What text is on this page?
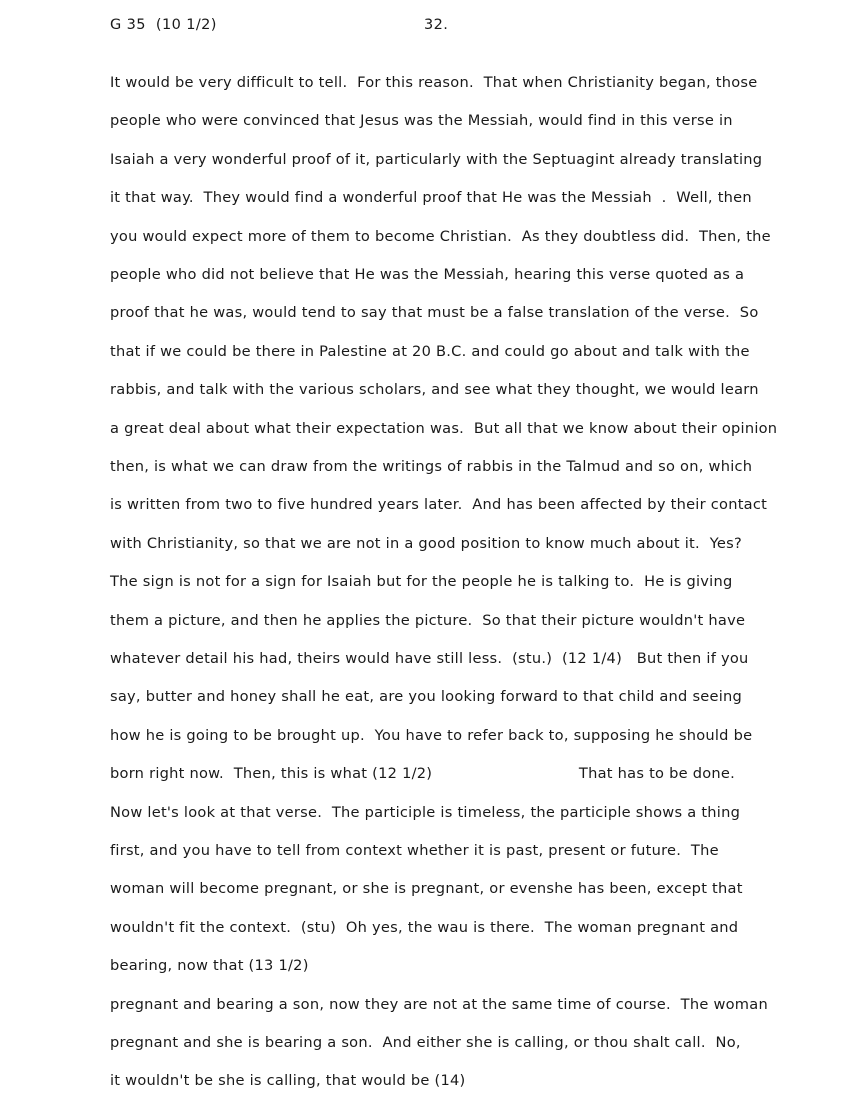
G 35  (10 1/2)	32.
It would be very difficult to tell.  For this reason.  That when Christianity began, those
people who were convinced that Jesus was the Messiah, would find in this verse in
Isaiah a very wonderful proof of it, particularly with the Septuagint already translating
it that way.  They would find a wonderful proof that He was the Messiah  .  Well, then
you would expect more of them to become Christian.  As they doubtless did.  Then, the
people who did not believe that He was the Messiah, hearing this verse quoted as a
proof that he was, would tend to say that must be a false translation of the verse.  So
that if we could be there in Palestine at 20 B.C. and could go about and talk with the
rabbis, and talk with the various scholars, and see what they thought, we would learn
a great deal about what their expectation was.  But all that we know about their opinion
then, is what we can draw from the writings of rabbis in the Talmud and so on, which
is written from two to five hundred years later.  And has been affected by their contact
with Christianity, so that we are not in a good position to know much about it.  Yes?
The sign is not for a sign for Isaiah but for the people he is talking to.  He is giving
them a picture, and then he applies the picture.  So that their picture wouldn't have
whatever detail his had, theirs would have still less.  (stu.)  (12 1/4)   But then if you
say, butter and honey shall he eat, are you looking forward to that child and seeing
how he is going to be brought up.  You have to refer back to, supposing he should be
born right now.  Then, this is what (12 1/2)                              That has to be done.
Now let's look at that verse.  The participle is timeless, the participle shows a thing
first, and you have to tell from context whether it is past, present or future.  The
woman will become pregnant, or she is pregnant, or evenshe has been, except that
wouldn't fit the context.  (stu)  Oh yes, the wau is there.  The woman pregnant and
bearing, now that (13 1/2)
pregnant and bearing a son, now they are not at the same time of course.  The woman
pregnant and she is bearing a son.  And either she is calling, or thou shalt call.  No,
it wouldn't be she is calling, that would be (14)
